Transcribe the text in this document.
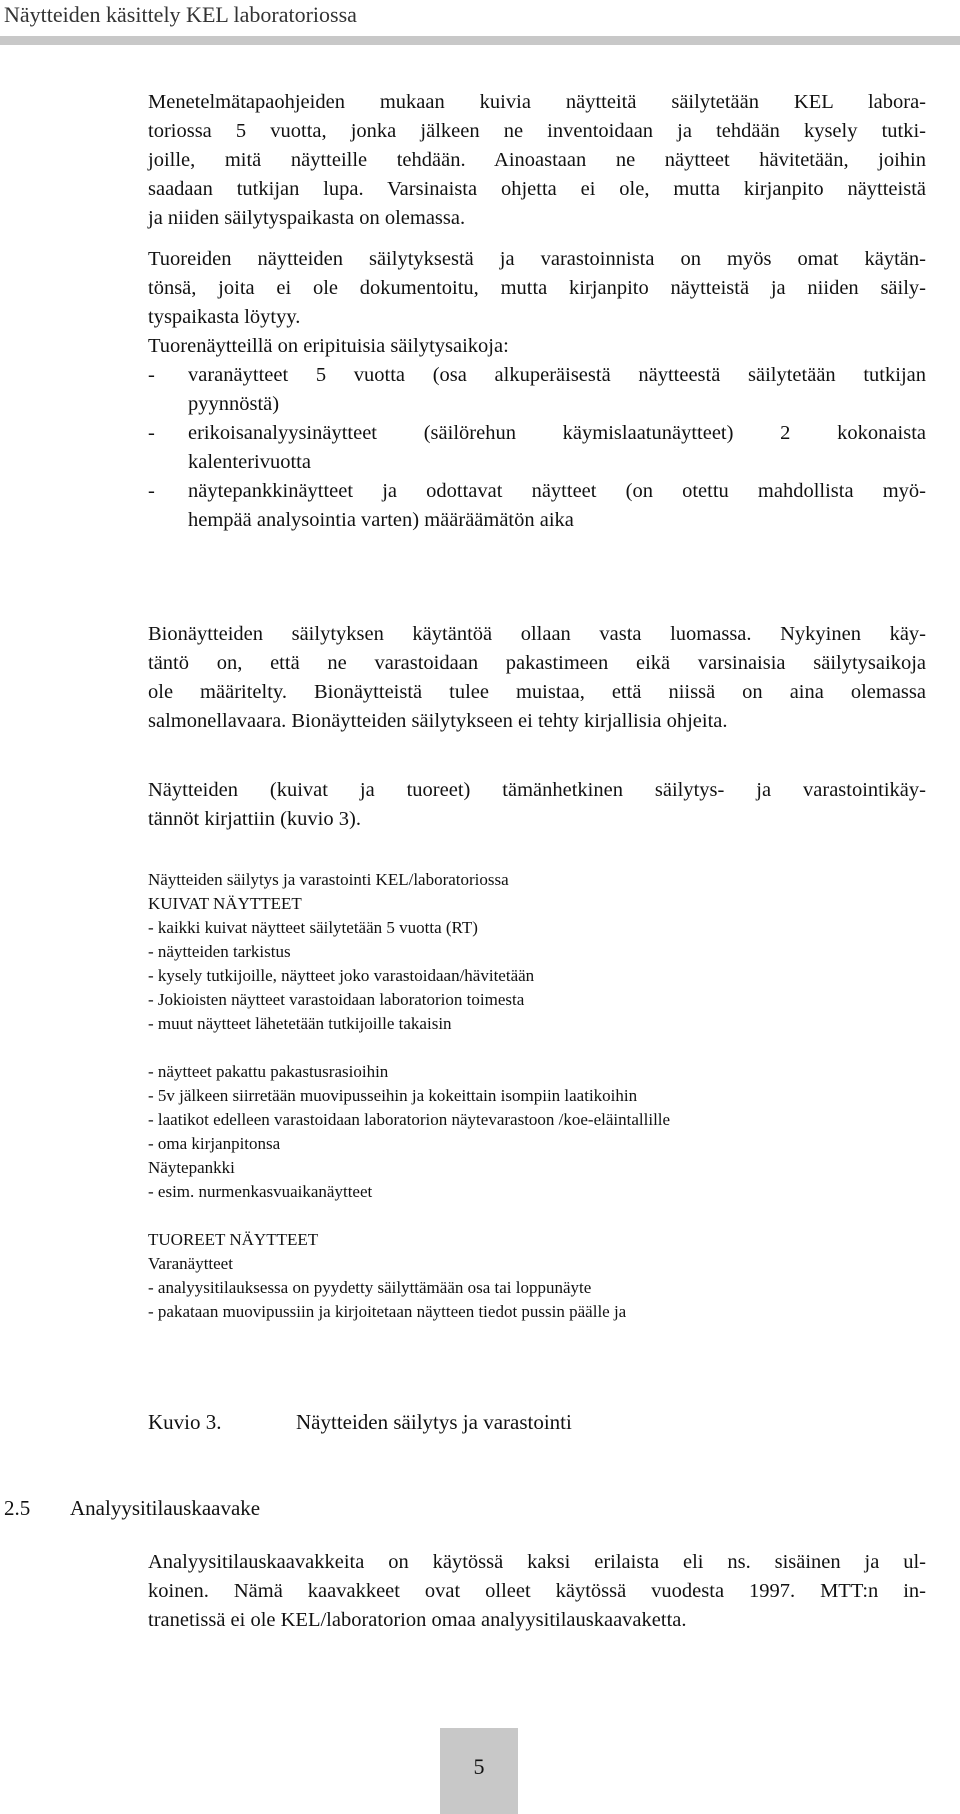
Näytteiden käsittely KEL laboratoriossa
Menetelmätapaohjeiden mukaan kuivia näytteitä säilytetään KEL labora-
toriossa 5 vuotta, jonka jälkeen ne inventoidaan ja tehdään kysely tutki-
joille, mitä näytteille tehdään. Ainoastaan ne näytteet hävitetään, joihin
saadaan tutkijan lupa. Varsinaista ohjetta ei ole, mutta kirjanpito näytteistä
ja niiden säilytyspaikasta on olemassa.
Tuoreiden näytteiden säilytyksestä ja varastoinnista on myös omat käytän-
tönsä, joita ei ole dokumentoitu, mutta kirjanpito näytteistä ja niiden säily-
tyspaikasta löytyy.
Tuorenäytteillä on eripituisia säilytysaikoja:
- varanäytteet 5 vuotta (osa alkuperäisestä näytteestä säilytetään tutkijan
pyynnöstä)
- erikoisanalyysinäytteet (säilörehun käymislaatunäytteet) 2 kokonaista
kalenterivuotta
- näytepankkinäytteet ja odottavat näytteet (on otettu mahdollista myö-
hempää analysointia varten) määräämätön aika
Bionäytteiden säilytyksen käytäntöä ollaan vasta luomassa. Nykyinen käy-
täntö on, että ne varastoidaan pakastimeen eikä varsinaisia säilytysaikoja
ole määritelty. Bionäytteistä tulee muistaa, että niissä on aina olemassa
salmonellavaara. Bionäytteiden säilytykseen ei tehty kirjallisia ohjeita.
Näytteiden (kuivat ja tuoreet) tämänhetkinen säilytys- ja varastointikäy-
tännöt kirjattiin (kuvio 3).
Näytteiden säilytys ja varastointi KEL/laboratoriossa
KUIVAT NÄYTTEET
- kaikki kuivat näytteet säilytetään 5 vuotta (RT)
- näytteiden tarkistus
- kysely tutkijoille, näytteet joko varastoidaan/hävitetään
- Jokioisten näytteet varastoidaan laboratorion toimesta
- muut näytteet lähetetään tutkijoille takaisin
- näytteet pakattu pakastusrasioihin
- 5v jälkeen siirretään muovipusseihin ja kokeittain isompiin laatikoihin
- laatikot edelleen varastoidaan laboratorion näytevarastoon /koe-eläintallille
- oma kirjanpitonsa
Näytepankki
- esim. nurmenkasvuaikanäytteet
TUOREET NÄYTTEET
Varanäytteet
- analyysitilauksessa on pyydetty säilyttämään osa tai loppunäyte
- pakataan muovipussiin ja kirjoitetaan näytteen tiedot pussin päälle ja
Kuvio 3.	Näytteiden säilytys ja varastointi
2.5 Analyysitilauskaavake
Analyysitilauskaavakkeita on käytössä kaksi erilaista eli ns. sisäinen ja ul-
koinen. Nämä kaavakkeet ovat olleet käytössä vuodesta 1997. MTT:n in-
tranetissä ei ole KEL/laboratorion omaa analyysitilauskaavaketta.
5
